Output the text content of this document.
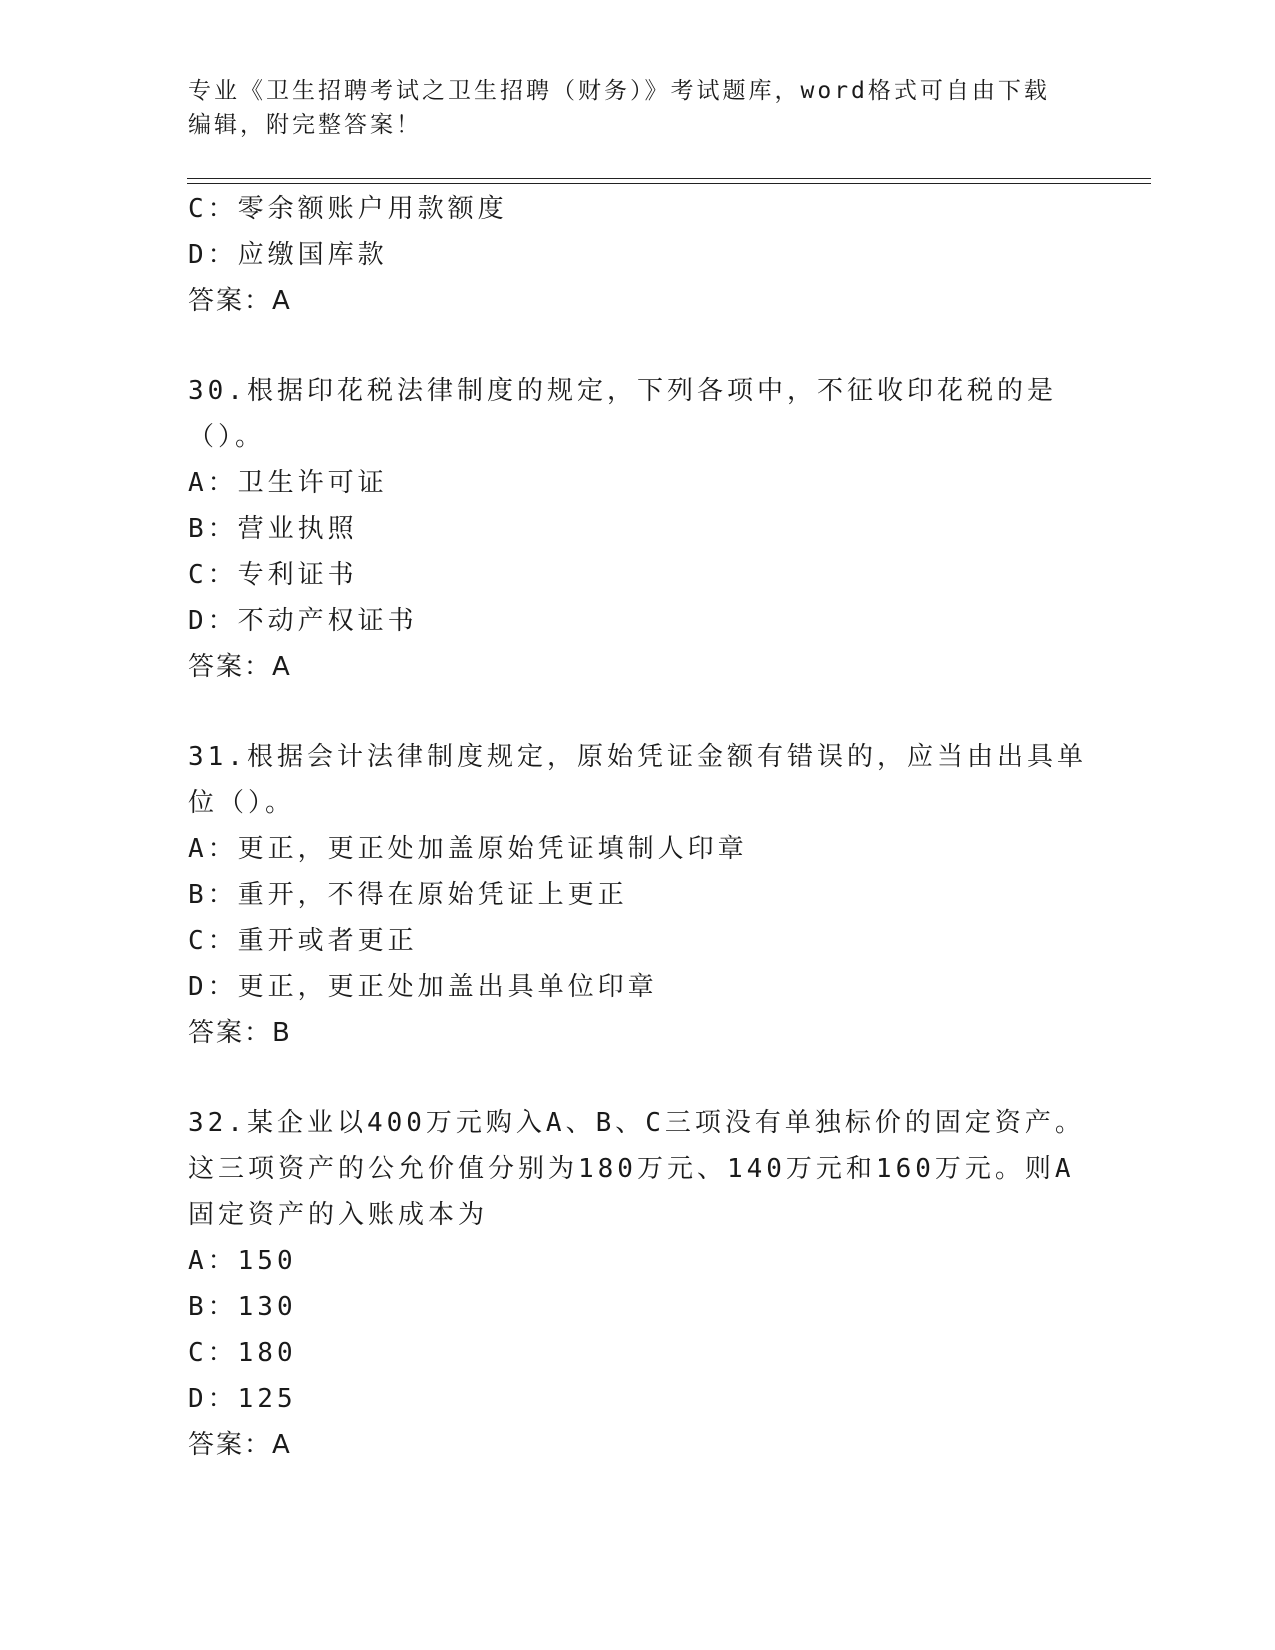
专业《卫生招聘考试之卫生招聘（财务）》考试题库，word格式可自由下载编辑，附完整答案！
C：零余额账户用款额度
D：应缴国库款
答案：A
30.根据印花税法律制度的规定，下列各项中，不征收印花税的是（）。
A：卫生许可证
B：营业执照
C：专利证书
D：不动产权证书
答案：A
31.根据会计法律制度规定，原始凭证金额有错误的，应当由出具单位（）。
A：更正，更正处加盖原始凭证填制人印章
B：重开，不得在原始凭证上更正
C：重开或者更正
D：更正，更正处加盖出具单位印章
答案：B
32.某企业以400万元购入A、B、C三项没有单独标价的固定资产。这三项资产的公允价值分别为180万元、140万元和160万元。则A固定资产的入账成本为
A：150
B：130
C：180
D：125
答案：A
